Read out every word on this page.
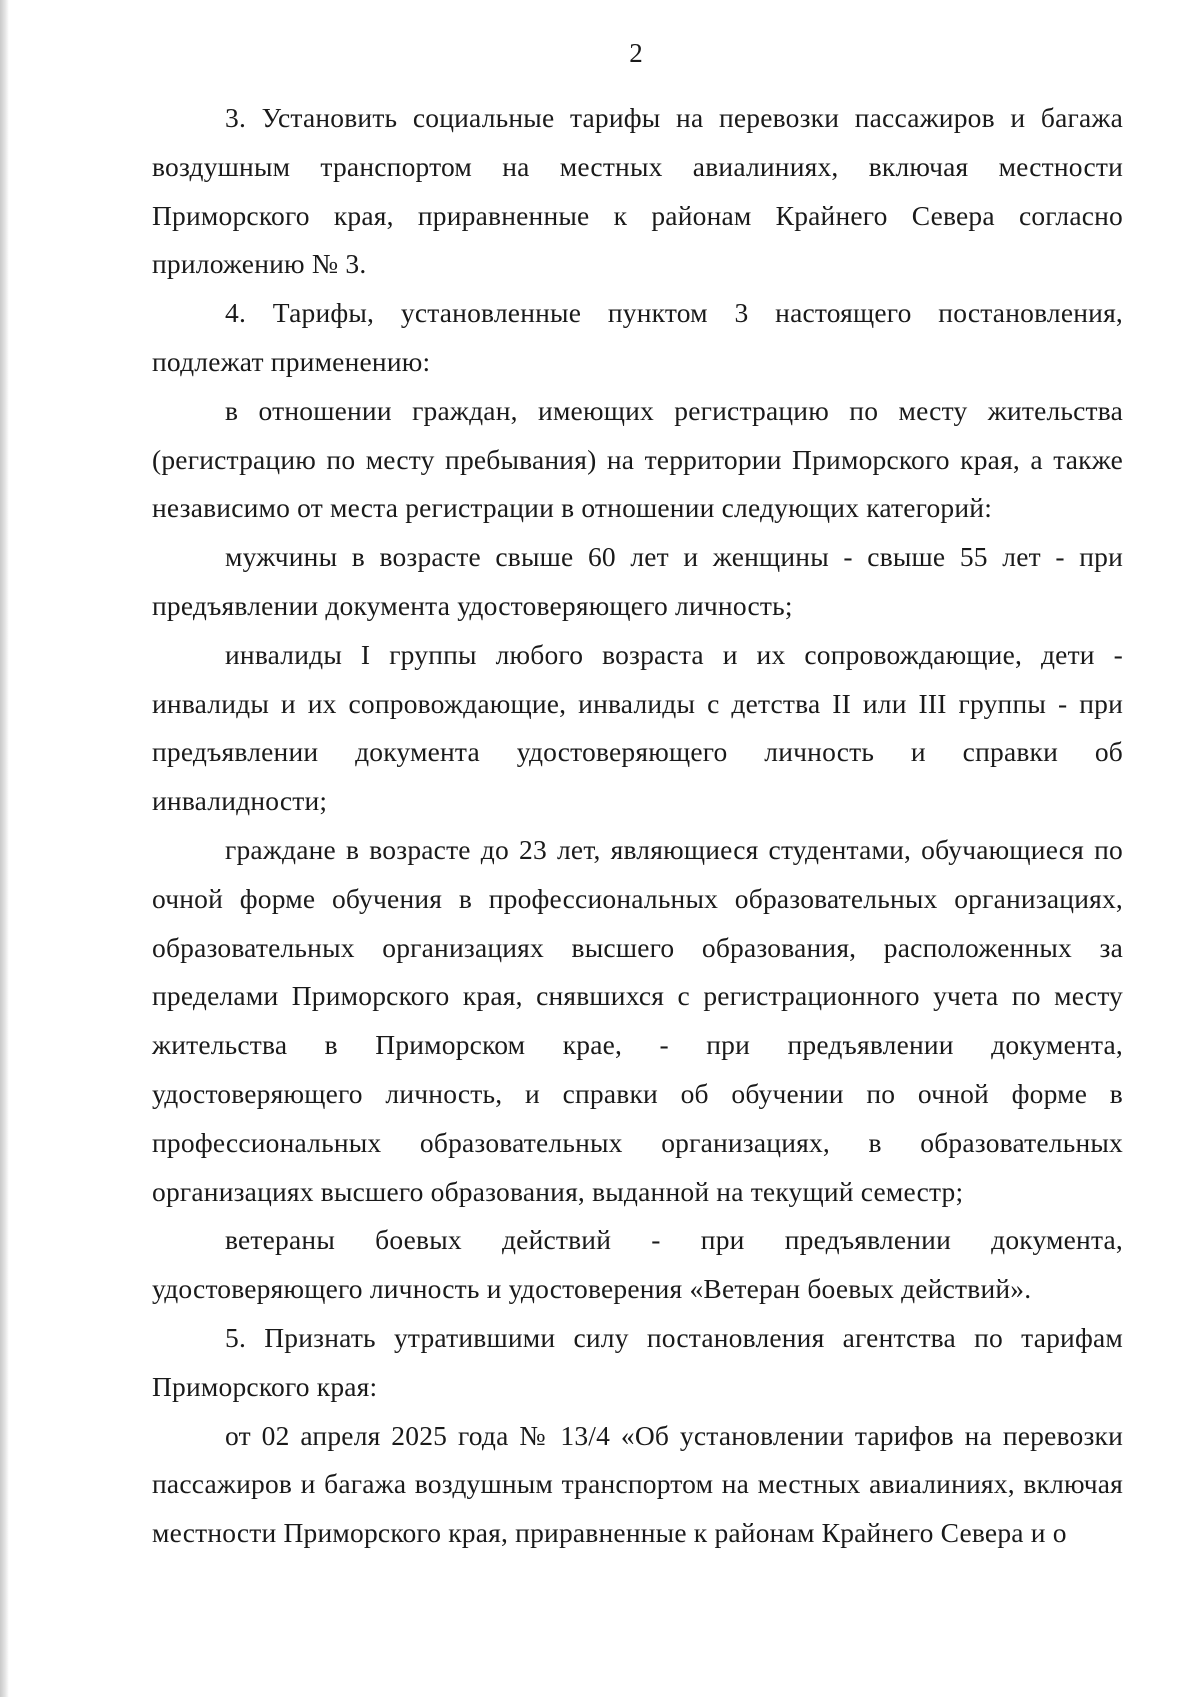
2

3. Установить социальные тарифы на перевозки пассажиров и багажа воздушным транспортом на местных авиалиниях, включая местности Приморского края, приравненные к районам Крайнего Севера согласно приложению № 3.

4. Тарифы, установленные пунктом 3 настоящего постановления, подлежат применению:

в отношении граждан, имеющих регистрацию по месту жительства (регистрацию по месту пребывания) на территории Приморского края, а также независимо от места регистрации в отношении следующих категорий:

мужчины в возрасте свыше 60 лет и женщины - свыше 55 лет - при предъявлении документа удостоверяющего личность;

инвалиды I группы любого возраста и их сопровождающие, дети - инвалиды и их сопровождающие, инвалиды с детства II или III группы - при предъявлении документа удостоверяющего личность и справки об инвалидности;

граждане в возрасте до 23 лет, являющиеся студентами, обучающиеся по очной форме обучения в профессиональных образовательных организациях, образовательных организациях высшего образования, расположенных за пределами Приморского края, снявшихся с регистрационного учета по месту жительства в Приморском крае, - при предъявлении документа, удостоверяющего личность, и справки об обучении по очной форме в профессиональных образовательных организациях, в образовательных организациях высшего образования, выданной на текущий семестр;

ветераны боевых действий - при предъявлении документа, удостоверяющего личность и удостоверения «Ветеран боевых действий».

5. Признать утратившими силу постановления агентства по тарифам Приморского края:

от 02 апреля 2025 года № 13/4 «Об установлении тарифов на перевозки пассажиров и багажа воздушным транспортом на местных авиалиниях, включая местности Приморского края, приравненные к районам Крайнего Севера и о
